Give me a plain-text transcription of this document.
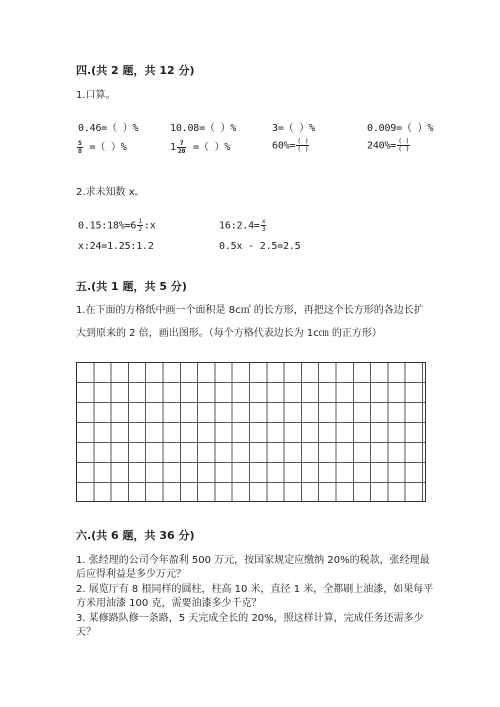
四.(共 2 题，共 12 分)
1.口算。
0.46=（ ）%	10.08=（ ）%	3=（ ）%	0.009=（ ）%
$\frac{5}{8}$ =（ ）%	$1 \frac{7}{20}$ =（ ）%	$60\%= \frac{( )}{( )}$	$240\%= \frac{( )}{( )}$
2.求未知数 x。
0.15:18%=6 $\frac{1}{2}$ :x	16:2.4= $\frac{x}{3}$
x:24=1.25:1.2	0.5x - 2.5=2.5
五.(共 1 题，共 5 分)
1.在下面的方格纸中画一个面积是 8c㎡ 的长方形，再把这个长方形的各边长扩
大到原来的 2 倍，画出图形。（每个方格代表边长为 1c㎝ 的正方形）
六.(共 6 题，共 36 分)
1. 张经理的公司今年盈利 500 万元，按国家规定应缴纳 20%的税款，张经理最
后应得利益是多少万元？
2. 展览厅有 8 根同样的圆柱，柱高 10 米，直径 1 米，全都刷上油漆，如果每平
方米用油漆 100 克，需要油漆多少千克？
3. 某修路队修一条路，5 天完成全长的 20%，照这样计算，完成任务还需多少
天？
